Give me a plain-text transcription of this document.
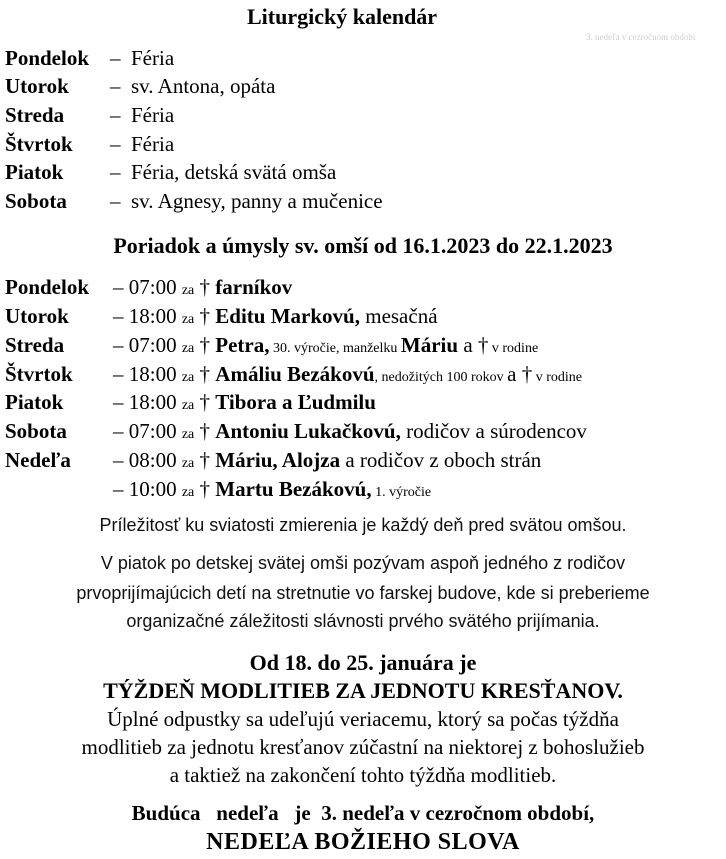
Liturgický kalendár
3. nedeľa v cezročnom období
Pondelok –  Féria
Utorok –  sv. Antona, opáta
Streda –  Féria
Štvrtok –  Féria
Piatok –  Féria, detská svätá omša
Sobota –  sv. Agnesy, panny a mučenice
Poriadok a úmysly sv. omší od 16.1.2023 do 22.1.2023
Pondelok – 07:00 za † farníkov
Utorok – 18:00 za † Editu Markovú, mesačná
Streda – 07:00 za † Petra, 30. výročie, manželku Máriu a † v rodine
Štvrtok – 18:00 za † Amáliu Bezákovú, nedožitých 100 rokov a † v rodine
Piatok – 18:00 za † Tibora a Ľudmilu
Sobota – 07:00 za † Antoniu Lukačkovú, rodičov a súrodencov
Nedeľa – 08:00 za † Máriu, Alojza a rodičov z oboch strán
– 10:00 za † Martu Bezákovú, 1. výročie
Príležitosť ku sviatosti zmierenia je každý deň pred svätou omšou.
V piatok po detskej svätej omši pozývam aspoň jedného z rodičov
prvoprijímajúcich detí na stretnutie vo farskej budove, kde si preberieme
organizačné záležitosti slávnosti prvého svätého prijímania.
Od 18. do 25. januára je
TÝŽDEŇ MODLITIEB ZA JEDNOTU KRESŤANOV.
Úplné odpustky sa udeľujú veriacemu, ktorý sa počas týždňa
modlitieb za jednotu kresťanov zúčastní na niektorej z bohoslužieb
a taktiež na zakončení tohto týždňa modlitieb.
Budúca   nedeľa   je  3. nedeľa v cezročnom období,
NEDEĽA BOŽIEHO SLOVA
